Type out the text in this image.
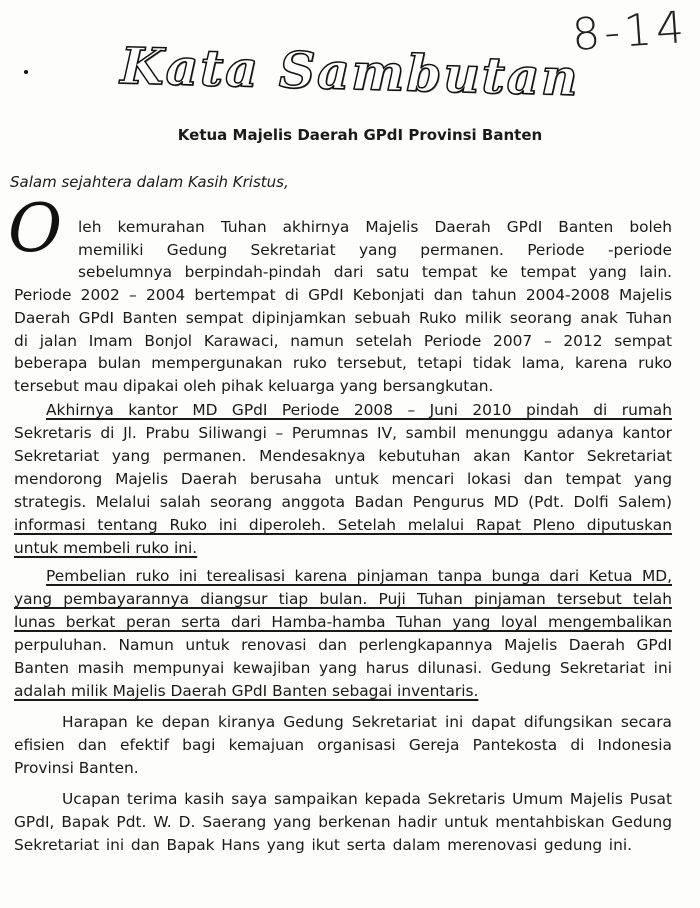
Kata Sambutan
8-14
Ketua Majelis Daerah GPdI Provinsi Banten
Salam sejahtera dalam Kasih Kristus,
O leh kemurahan Tuhan akhirnya Majelis Daerah GPdI Banten boleh
memiliki Gedung Sekretariat yang permanen. Periode -periode
sebelumnya berpindah-pindah dari satu tempat ke tempat yang lain.
Periode 2002 – 2004 bertempat di GPdI Kebonjati dan tahun 2004-2008 Majelis
Daerah GPdI Banten sempat dipinjamkan sebuah Ruko milik seorang anak Tuhan
di jalan Imam Bonjol Karawaci, namun setelah Periode 2007 – 2012 sempat
beberapa bulan mempergunakan ruko tersebut, tetapi tidak lama, karena ruko
tersebut mau dipakai oleh pihak keluarga yang bersangkutan.
Akhirnya kantor MD GPdI Periode 2008 – Juni 2010 pindah di rumah
Sekretaris di Jl. Prabu Siliwangi – Perumnas IV, sambil menunggu adanya kantor
Sekretariat yang permanen. Mendesaknya kebutuhan akan Kantor Sekretariat
mendorong Majelis Daerah berusaha untuk mencari lokasi dan tempat yang
strategis. Melalui salah seorang anggota Badan Pengurus MD (Pdt. Dolfi Salem)
informasi tentang Ruko ini diperoleh. Setelah melalui Rapat Pleno diputuskan
untuk membeli ruko ini.
Pembelian ruko ini terealisasi karena pinjaman tanpa bunga dari Ketua MD,
yang pembayarannya diangsur tiap bulan. Puji Tuhan pinjaman tersebut telah
lunas berkat peran serta dari Hamba-hamba Tuhan yang loyal mengembalikan
perpuluhan. Namun untuk renovasi dan perlengkapannya Majelis Daerah GPdI
Banten masih mempunyai kewajiban yang harus dilunasi. Gedung Sekretariat ini
adalah milik Majelis Daerah GPdI Banten sebagai inventaris.
Harapan ke depan kiranya Gedung Sekretariat ini dapat difungsikan secara
efisien dan efektif bagi kemajuan organisasi Gereja Pantekosta di Indonesia
Provinsi Banten.
Ucapan terima kasih saya sampaikan kepada Sekretaris Umum Majelis Pusat
GPdI, Bapak Pdt. W. D. Saerang yang berkenan hadir untuk mentahbiskan Gedung
Sekretariat ini dan Bapak Hans yang ikut serta dalam merenovasi gedung ini.
